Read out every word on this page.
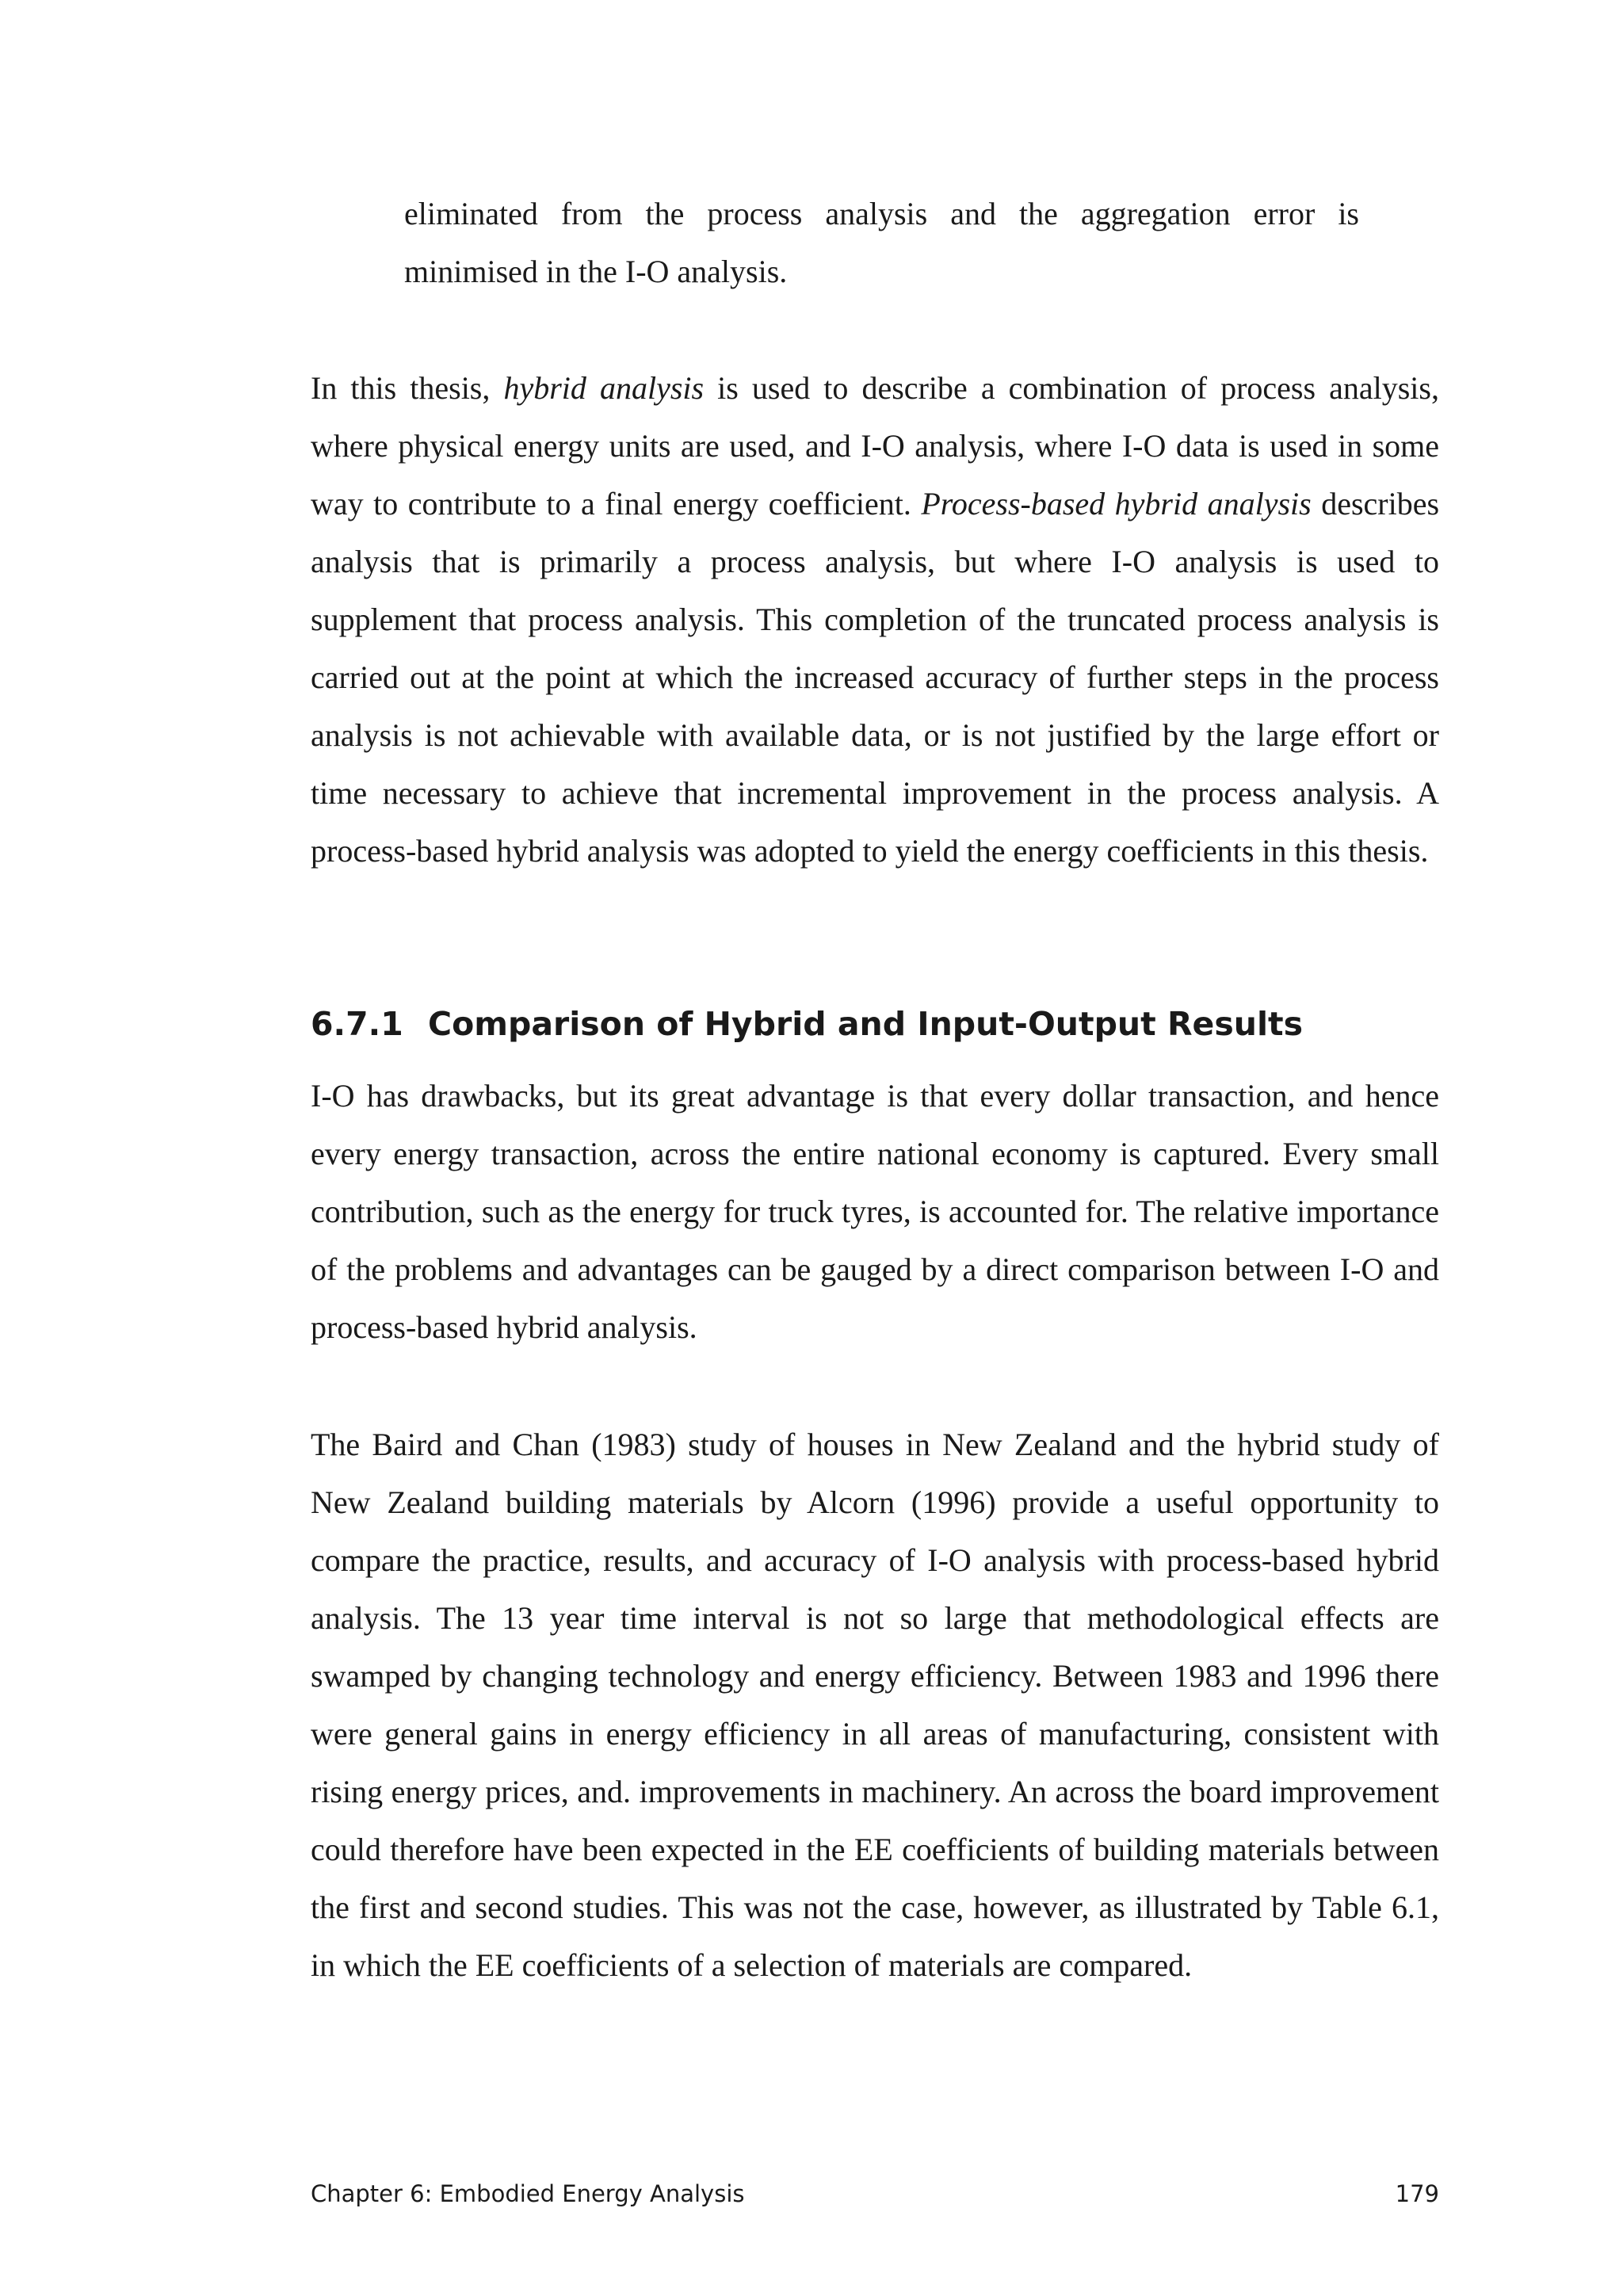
eliminated from the process analysis and the aggregation error is minimised in the I-O analysis.

In this thesis, hybrid analysis is used to describe a combination of process analysis, where physical energy units are used, and I-O analysis, where I-O data is used in some way to contribute to a final energy coefficient. Process-based hybrid analysis describes analysis that is primarily a process analysis, but where I-O analysis is used to supplement that process analysis. This completion of the truncated process analysis is carried out at the point at which the increased accuracy of further steps in the process analysis is not achievable with available data, or is not justified by the large effort or time necessary to achieve that incremental improvement in the process analysis. A process-based hybrid analysis was adopted to yield the energy coefficients in this thesis.

6.7.1 Comparison of Hybrid and Input-Output Results

I-O has drawbacks, but its great advantage is that every dollar transaction, and hence every energy transaction, across the entire national economy is captured. Every small contribution, such as the energy for truck tyres, is accounted for. The relative importance of the problems and advantages can be gauged by a direct comparison between I-O and process-based hybrid analysis.

The Baird and Chan (1983) study of houses in New Zealand and the hybrid study of New Zealand building materials by Alcorn (1996) provide a useful opportunity to compare the practice, results, and accuracy of I-O analysis with process-based hybrid analysis. The 13 year time interval is not so large that methodological effects are swamped by changing technology and energy efficiency. Between 1983 and 1996 there were general gains in energy efficiency in all areas of manufacturing, consistent with rising energy prices, and. improvements in machinery. An across the board improvement could therefore have been expected in the EE coefficients of building materials between the first and second studies. This was not the case, however, as illustrated by Table 6.1, in which the EE coefficients of a selection of materials are compared.

Chapter 6: Embodied Energy Analysis	179
